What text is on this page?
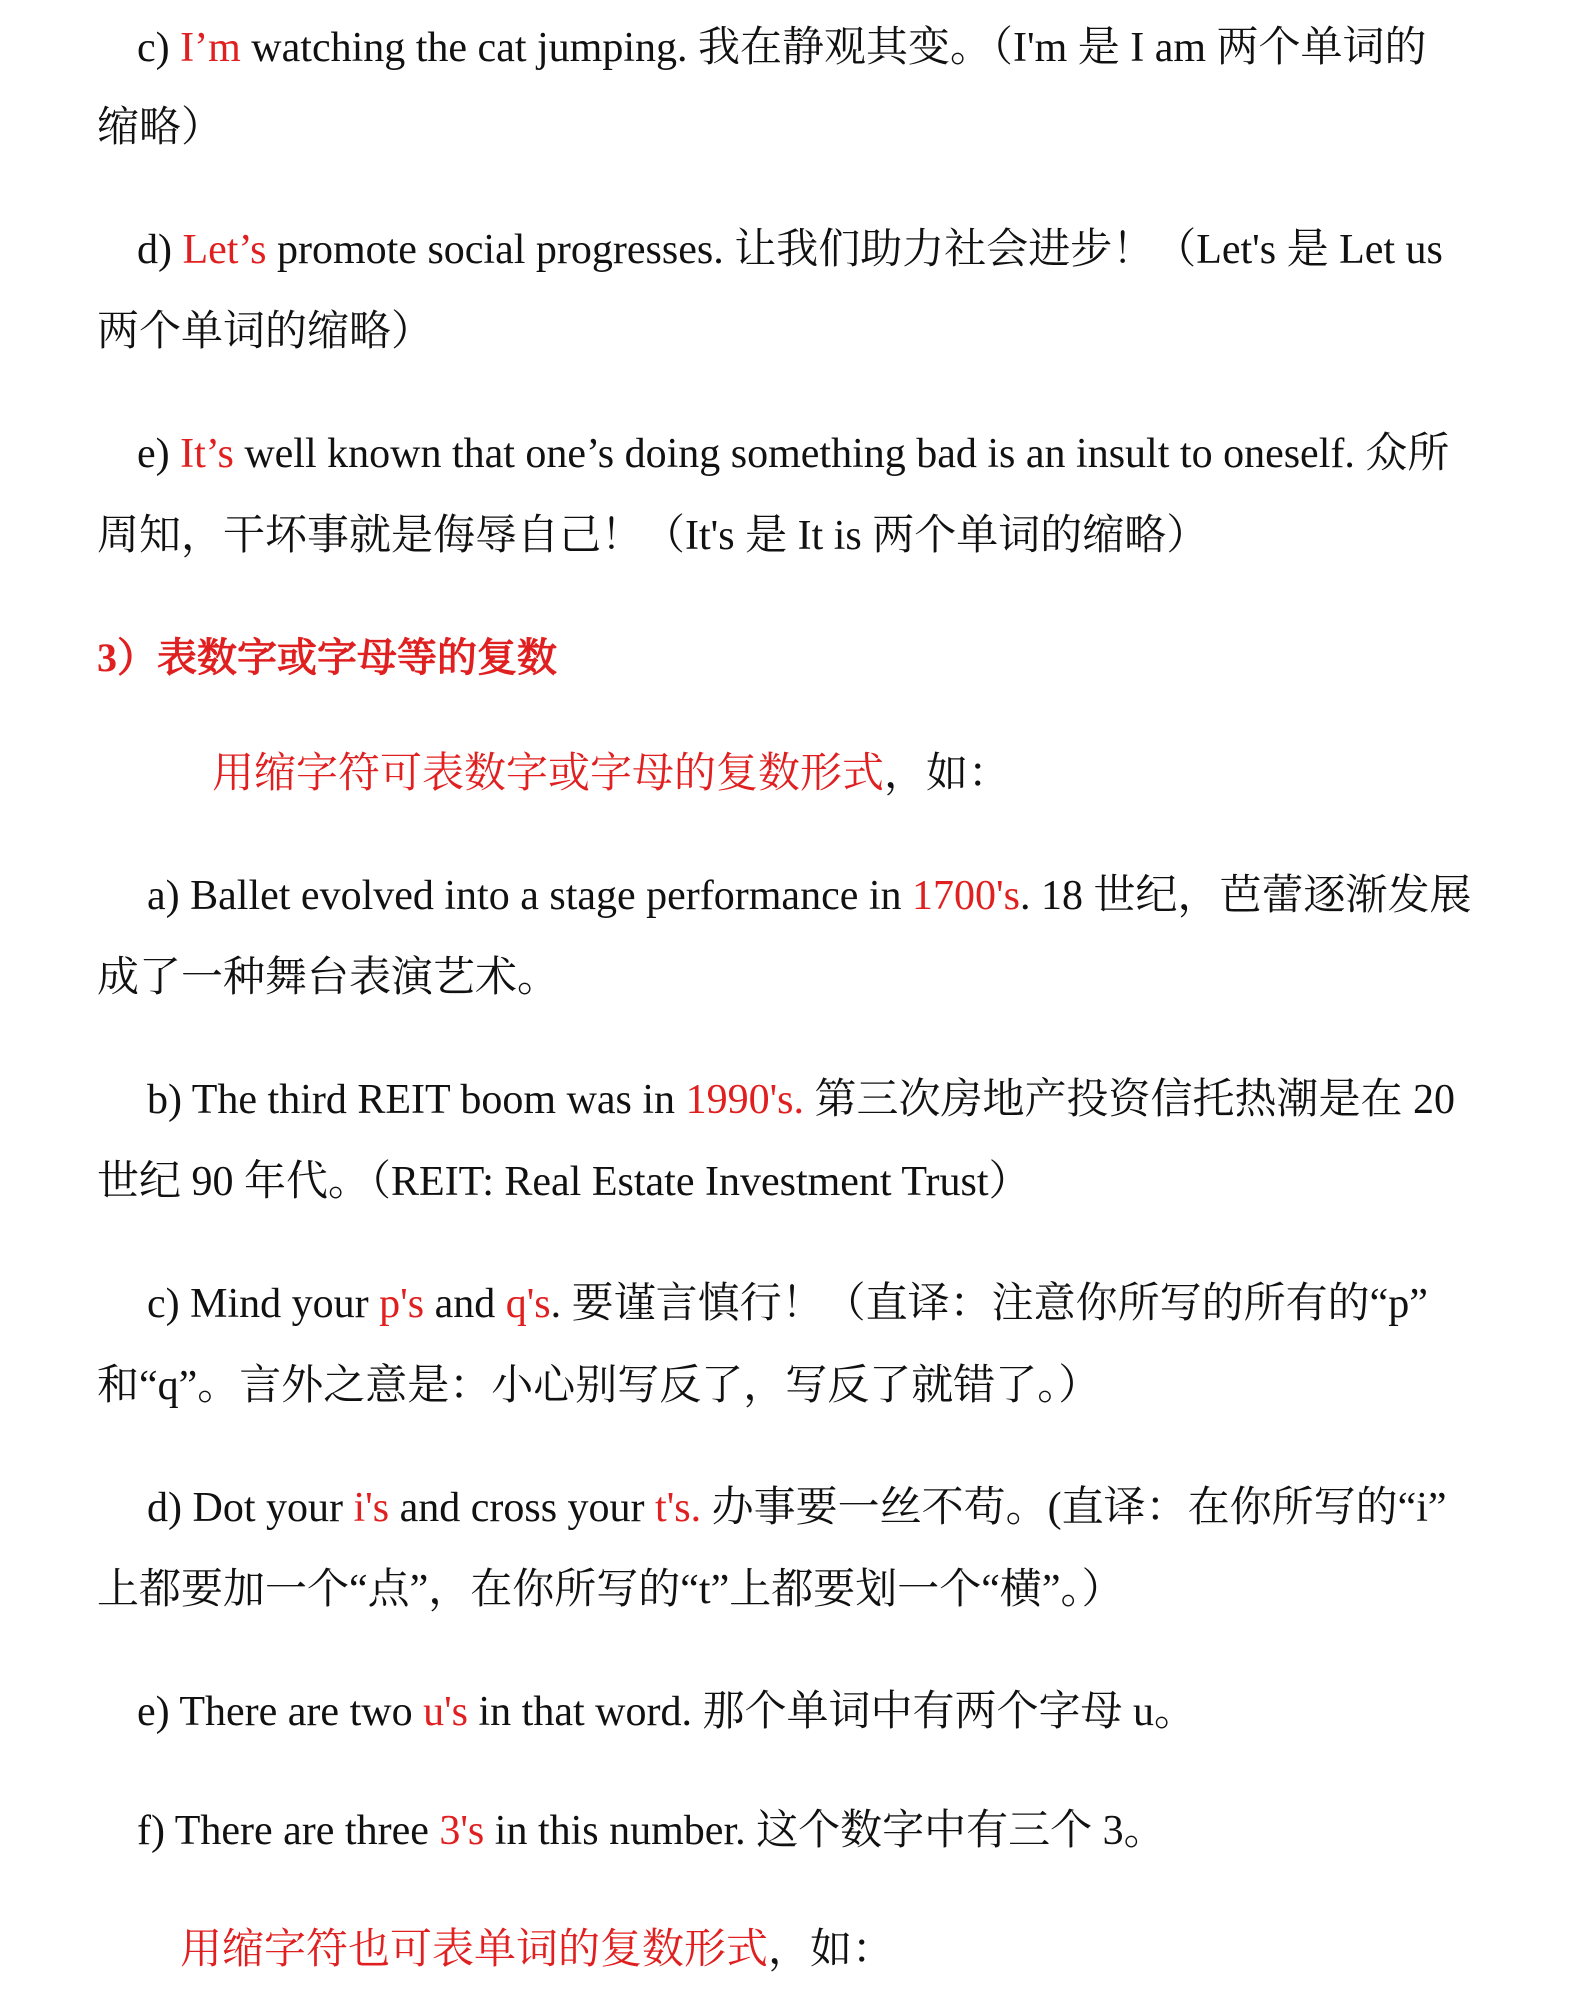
c) I’m watching the cat jumping. 我在静观其变。（I'm 是 I am 两个单词的
缩略）
d) Let’s promote social progresses. 让我们助力社会进步！（Let's 是 Let us
两个单词的缩略）
e) It’s well known that one’s doing something bad is an insult to oneself. 众所
周知，干坏事就是侮辱自己！（It's 是 It is 两个单词的缩略）
3）表数字或字母等的复数
用缩字符可表数字或字母的复数形式，如：
a) Ballet evolved into a stage performance in 1700's. 18 世纪，芭蕾逐渐发展
成了一种舞台表演艺术。
b) The third REIT boom was in 1990's. 第三次房地产投资信托热潮是在 20
世纪 90 年代。（REIT: Real Estate Investment Trust）
c) Mind your p's and q's. 要谨言慎行！（直译：注意你所写的所有的“p”
和“q”。言外之意是：小心别写反了，写反了就错了。）
d) Dot your i's and cross your t's. 办事要一丝不苟。(直译：在你所写的“i”
上都要加一个“点”，在你所写的“t”上都要划一个“横”。）
e) There are two u's in that word. 那个单词中有两个字母 u。
f) There are three 3's in this number. 这个数字中有三个 3。
用缩字符也可表单词的复数形式，如：
